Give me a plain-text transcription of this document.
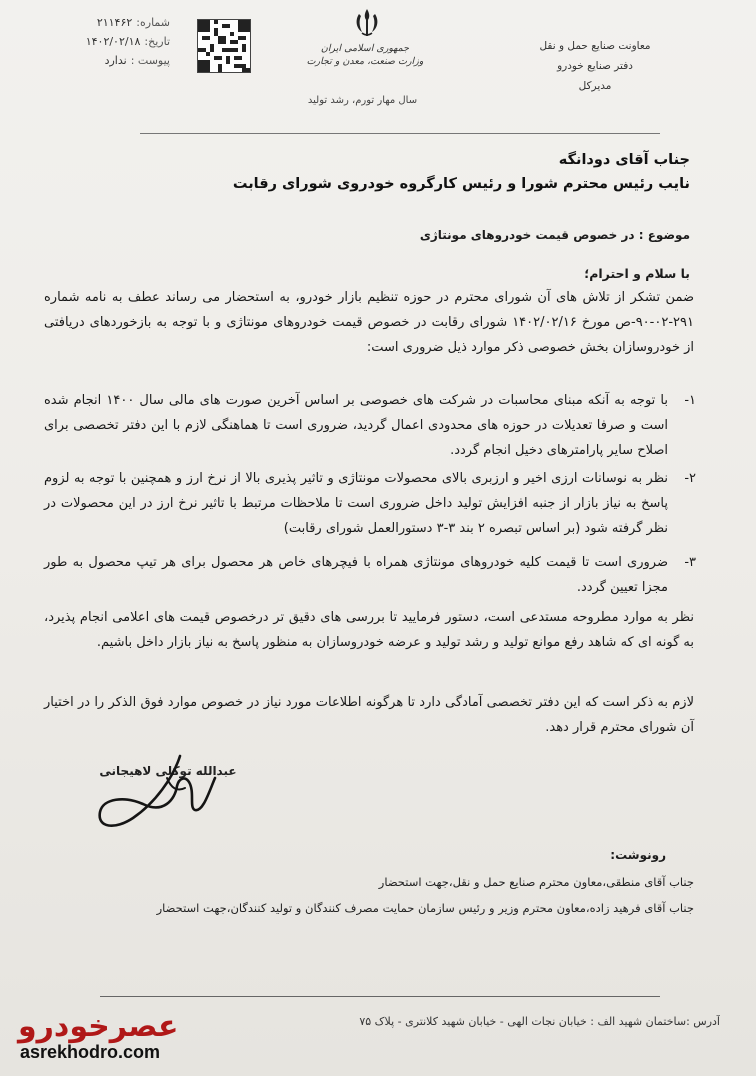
شماره:۲۱۱۴۶۲
تاریخ:۱۴۰۲/۰۲/۱۸
پیوست :ندارد
جمهوری اسلامی ایران
وزارت صنعت، معدن و تجارت
سال مهار تورم، رشد تولید
معاونت صنایع حمل و نقل
دفتر صنایع خودرو
مدیرکل
جناب آقای دودانگه
نایب رئیس محترم شورا و رئیس کارگروه خودروی شورای رقابت
موضوع : در خصوص قیمت خودروهای مونتاژی
با سلام و احترام؛
ضمن تشکر از تلاش های آن شورای محترم در حوزه تنظیم بازار خودرو، به استحضار می رساند عطف به نامه شماره ۲۹۱-۰۲-۹۰-ص مورخ ۱۴۰۲/۰۲/۱۶ شورای رقابت در خصوص قیمت خودروهای مونتاژی و با توجه به بازخوردهای دریافتی از خودروسازان بخش خصوصی ذکر موارد ذیل ضروری است:
۱-
با توجه به آنکه مبنای محاسبات در شرکت های خصوصی بر اساس آخرین صورت های مالی سال ۱۴۰۰ انجام شده است و صرفا تعدیلات در حوزه های محدودی اعمال گردید، ضروری است تا هماهنگی لازم با این دفتر تخصصی برای اصلاح سایر پارامترهای دخیل انجام گردد.
۲-
نظر به نوسانات ارزی اخیر و ارزبری بالای محصولات مونتاژی و تاثیر پذیری بالا از نرخ ارز و همچنین با توجه به لزوم پاسخ به نیاز بازار از جنبه افزایش تولید داخل ضروری است تا ملاحظات مرتبط با تاثیر نرخ ارز در این محصولات در نظر گرفته شود (بر اساس تبصره ۲ بند ۳-۳ دستورالعمل شورای رقابت)
۳-
ضروری است تا قیمت کلیه خودروهای مونتاژی همراه با فیچرهای خاص هر محصول برای هر تیپ محصول به طور مجزا تعیین گردد.
نظر به موارد مطروحه مستدعی است، دستور فرمایید تا بررسی های دقیق تر درخصوص قیمت های اعلامی انجام پذیرد، به گونه ای که شاهد رفع موانع تولید و رشد تولید و عرضه خودروسازان به منظور پاسخ به نیاز بازار داخل باشیم.
لازم به ذکر است که این دفتر تخصصی آمادگی دارد تا هرگونه اطلاعات مورد نیاز در خصوص موارد فوق الذکر را در اختیار آن شورای محترم قرار دهد.
عبدالله توکلی لاهیجانی
رونوشت:
جناب آقای منطقی،معاون محترم صنایع حمل و نقل،جهت استحضار
جناب آقای فرهید زاده،معاون محترم وزیر و رئیس سازمان حمایت مصرف کنندگان و تولید کنندگان،جهت استحضار
آدرس :ساختمان شهید الف : خیابان نجات الهی - خیابان شهید کلانتری - پلاک ۷۵
عصرخودرو
asrekhodro.com
